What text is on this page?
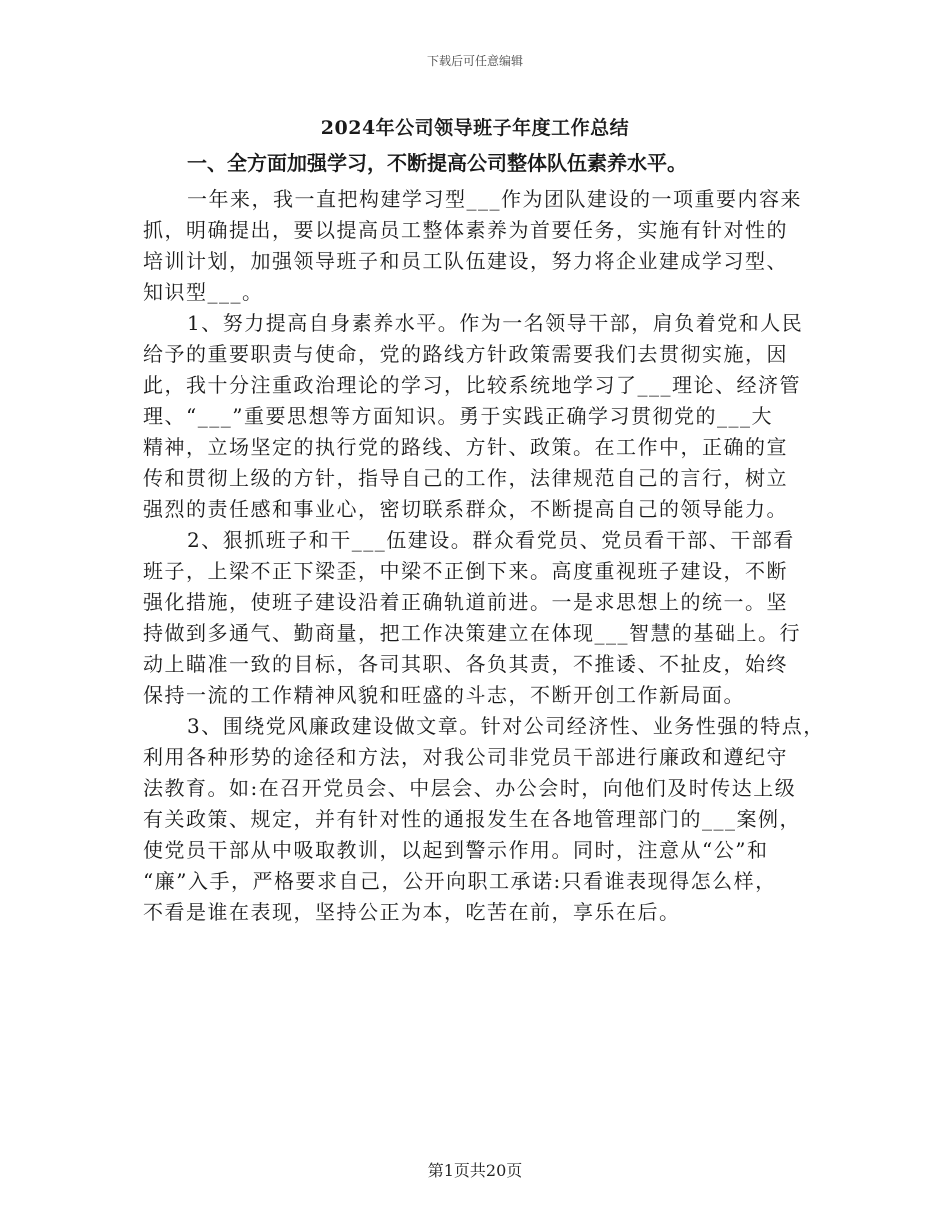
下载后可任意编辑
2024年公司领导班子年度工作总结
一、全方面加强学习，不断提高公司整体队伍素养水平。

一年来，我一直把构建学习型___作为团队建设的一项重要内容来
抓，明确提出，要以提高员工整体素养为首要任务，实施有针对性的
培训计划，加强领导班子和员工队伍建设，努力将企业建成学习型、
知识型___。

1、努力提高自身素养水平。作为一名领导干部，肩负着党和人民
给予的重要职责与使命，党的路线方针政策需要我们去贯彻实施，因
此，我十分注重政治理论的学习，比较系统地学习了___理论、经济管
理、“___”重要思想等方面知识。勇于实践正确学习贯彻党的___大
精神，立场坚定的执行党的路线、方针、政策。在工作中，正确的宣
传和贯彻上级的方针，指导自己的工作，法律规范自己的言行，树立
强烈的责任感和事业心，密切联系群众，不断提高自己的领导能力。

2、狠抓班子和干___伍建设。群众看党员、党员看干部、干部看
班子，上梁不正下梁歪，中梁不正倒下来。高度重视班子建设，不断
强化措施，使班子建设沿着正确轨道前进。一是求思想上的统一。坚
持做到多通气、勤商量，把工作决策建立在体现___智慧的基础上。行
动上瞄准一致的目标，各司其职、各负其责，不推诿、不扯皮，始终
保持一流的工作精神风貌和旺盛的斗志，不断开创工作新局面。

3、围绕党风廉政建设做文章。针对公司经济性、业务性强的特点，
利用各种形势的途径和方法，对我公司非党员干部进行廉政和遵纪守
法教育。如:在召开党员会、中层会、办公会时，向他们及时传达上级
有关政策、规定，并有针对性的通报发生在各地管理部门的___案例，
使党员干部从中吸取教训，以起到警示作用。同时，注意从“公”和
“廉”入手，严格要求自己，公开向职工承诺:只看谁表现得怎么样，
不看是谁在表现，坚持公正为本，吃苦在前，享乐在后。

第1页共20页
